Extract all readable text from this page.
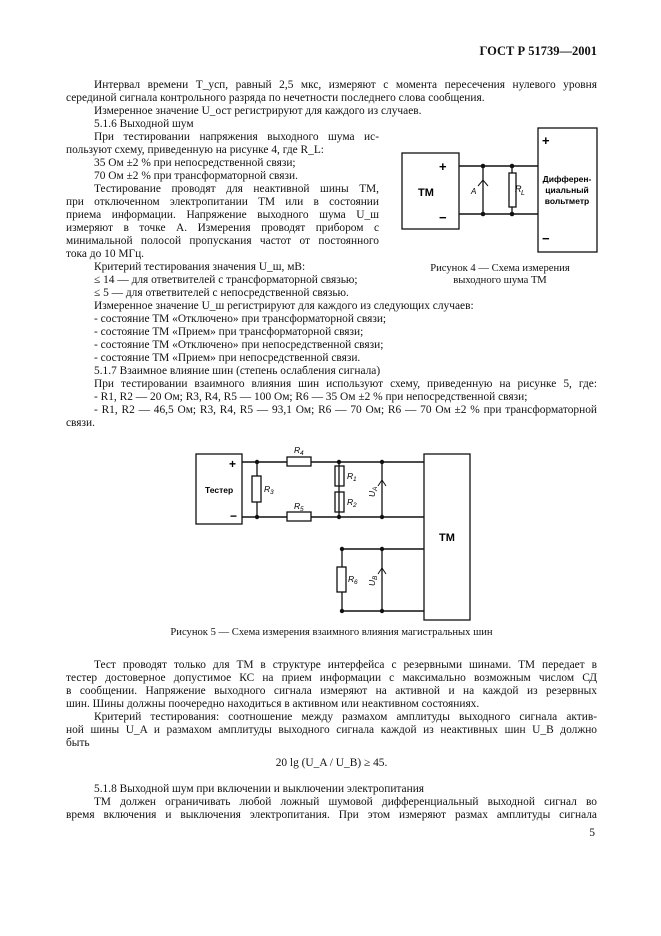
ГОСТ Р 51739—2001
Интервал времени T_усп, равный 2,5 мкс, измеряют с момента пересечения нулевого уровня
серединой сигнала контрольного разряда по нечетности последнего слова сообщения.
Измеренное значение U_ост регистрируют для каждого из случаев.
5.1.6 Выходной шум
При тестировании напряжения выходного шума ис-
пользуют схему, приведенную на рисунке 4, где R_L:
35 Ом ±2 % при непосредственной связи;
70 Ом ±2 % при трансформаторной связи.
Тестирование проводят для неактивной шины ТМ,
при отключенном электропитании ТМ или в состоянии
приема информации. Напряжение выходного шума U_ш
измеряют в точке А. Измерения проводят прибором с
минимальной полосой пропускания частот от постоянного
тока до 10 МГц.
Критерий тестирования значения U_ш, мВ:
≤ 14 — для ответвителей с трансформаторной связью;
≤ 5 — для ответвителей с непосредственной связью.
ТМ
+
−
+
−
А	R L
Дифферен-
циальный
вольтметр
Рисунок 4 — Схема измерения
выходного шума ТМ
Измеренное значение U_ш регистрируют для каждого из следующих случаев:
- состояние ТМ «Отключено» при трансформаторной связи;
- состояние ТМ «Прием» при трансформаторной связи;
- состояние ТМ «Отключено» при непосредственной связи;
- состояние ТМ «Прием» при непосредственной связи.
5.1.7 Взаимное влияние шин (степень ослабления сигнала)
При тестировании взаимного влияния шин используют схему, приведенную на рисунке 5, где:
- R1, R2 — 20 Ом; R3, R4, R5 — 100 Ом; R6 — 35 Ом ±2 % при непосредственной связи;
- R1, R2 — 46,5 Ом; R3, R4, R5 — 93,1 Ом; R6 — 70 Ом; R6 — 70 Ом ±2 % при трансформаторной
связи.
Тестер
ТМ
+
−
R 4
R 5
R 3
R 1
R 2
R 6
U
A
U
B
Рисунок 5 — Схема измерения взаимного влияния магистральных шин
Тест проводят только для ТМ в структуре интерфейса с резервными шинами. ТМ передает в
тестер достоверное допустимое КС на прием информации с максимально возможным числом СД
в сообщении. Напряжение выходного сигнала измеряют на активной и на каждой из резервных
шин. Шины должны поочередно находиться в активном или неактивном состояниях.
Критерий тестирования: соотношение между размахом амплитуды выходного сигнала актив-
ной шины U_A и размахом амплитуды выходного сигнала каждой из неактивных шин U_B должно
быть
20 lg (U_A / U_B) ≥ 45.
5.1.8 Выходной шум при включении и выключении электропитания
ТМ должен ограничивать любой ложный шумовой дифференциальный выходной сигнал во
время включения и выключения электропитания. При этом измеряют размах амплитуды сигнала
5
